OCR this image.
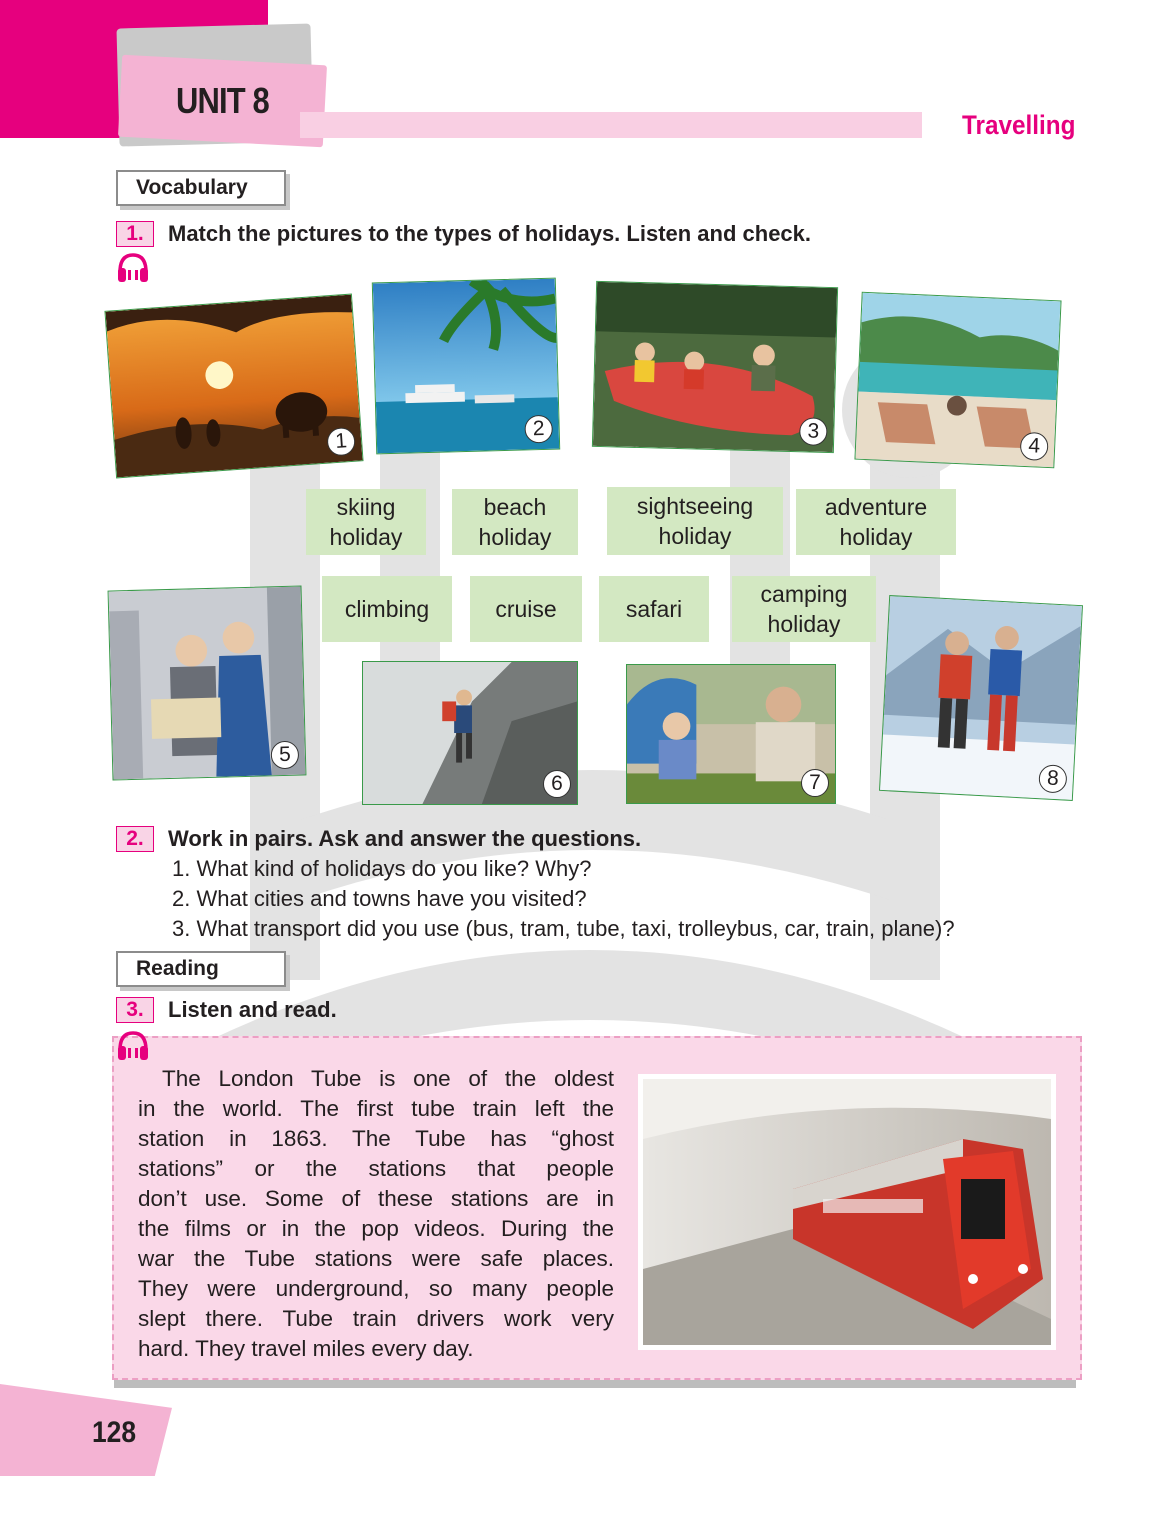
UNIT 8
Travelling
Vocabulary
1.	Match the pictures to the types of holidays. Listen and check.
1
2	3
4
skiing
holiday
beach
holiday
sightseeing
holiday
adventure
holiday
climbing	cruise	safari
camping
holiday
5
6	7	8
2.	Work in pairs. Ask and answer the questions.
1. What kind of holidays do you like? Why?
2. What cities and towns have you visited?
3. What transport did you use (bus, tram, tube, taxi, trolleybus, car, train, plane)?
Reading
3.	Listen and read.
The London Tube is one of the oldest
in the world. The first tube train left the
station in 1863. The Tube has “ghost
stations” or the stations that people
don’t use. Some of these stations are in
the films or in the pop videos. During the
war the Tube stations were safe places.
They were underground, so many people
slept there. Tube train drivers work very
hard. They travel miles every day.
128
